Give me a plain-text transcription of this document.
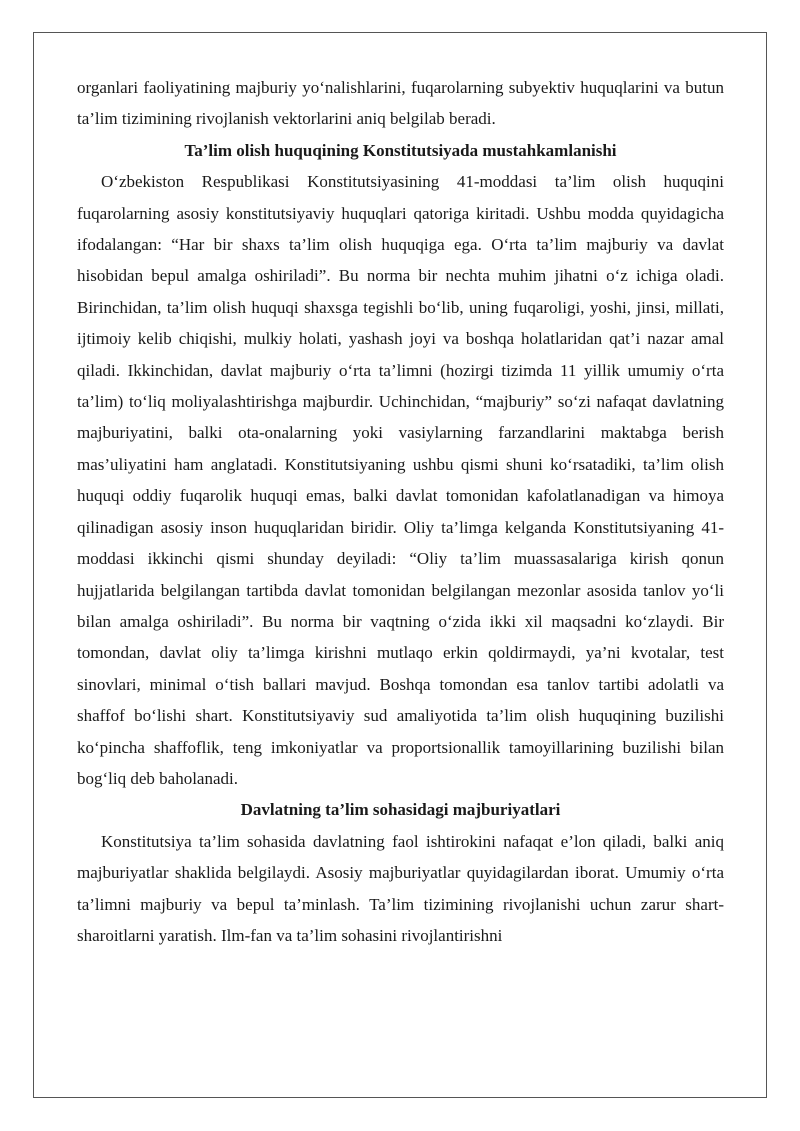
organlari faoliyatining majburiy yo‘nalishlarini, fuqarolarning subyektiv huquqlarini va butun ta’lim tizimining rivojlanish vektorlarini aniq belgilab beradi.

Ta’lim olish huquqining Konstitutsiyada mustahkamlanishi

O‘zbekiston Respublikasi Konstitutsiyasining 41-moddasi ta’lim olish huquqini fuqarolarning asosiy konstitutsiyaviy huquqlari qatoriga kiritadi. Ushbu modda quyidagicha ifodalangan: “Har bir shaxs ta’lim olish huquqiga ega. O‘rta ta’lim majburiy va davlat hisobidan bepul amalga oshiriladi”. Bu norma bir nechta muhim jihatni o‘z ichiga oladi. Birinchidan, ta’lim olish huquqi shaxsga tegishli bo‘lib, uning fuqaroligi, yoshi, jinsi, millati, ijtimoiy kelib chiqishi, mulkiy holati, yashash joyi va boshqa holatlaridan qat’i nazar amal qiladi. Ikkinchidan, davlat majburiy o‘rta ta’limni (hozirgi tizimda 11 yillik umumiy o‘rta ta’lim) to‘liq moliyalashtirishga majburdir. Uchinchidan, “majburiy” so‘zi nafaqat davlatning majburiyatini, balki ota-onalarning yoki vasiylarning farzandlarini maktabga berish mas’uliyatini ham anglatadi. Konstitutsiyaning ushbu qismi shuni ko‘rsatadiki, ta’lim olish huquqi oddiy fuqarolik huquqi emas, balki davlat tomonidan kafolatlanadigan va himoya qilinadigan asosiy inson huquqlaridan biridir. Oliy ta’limga kelganda Konstitutsiyaning 41-moddasi ikkinchi qismi shunday deyiladi: “Oliy ta’lim muassasalariga kirish qonun hujjatlarida belgilangan tartibda davlat tomonidan belgilangan mezonlar asosida tanlov yo‘li bilan amalga oshiriladi”. Bu norma bir vaqtning o‘zida ikki xil maqsadni ko‘zlaydi. Bir tomondan, davlat oliy ta’limga kirishni mutlaqo erkin qoldirmaydi, ya’ni kvotalar, test sinovlari, minimal o‘tish ballari mavjud. Boshqa tomondan esa tanlov tartibi adolatli va shaffof bo‘lishi shart. Konstitutsiyaviy sud amaliyotida ta’lim olish huquqining buzilishi ko‘pincha shaffoflik, teng imkoniyatlar va proportsionallik tamoyillarining buzilishi bilan bog‘liq deb baholanadi.

Davlatning ta’lim sohasidagi majburiyatlari

Konstitutsiya ta’lim sohasida davlatning faol ishtirokini nafaqat e’lon qiladi, balki aniq majburiyatlar shaklida belgilaydi. Asosiy majburiyatlar quyidagilardan iborat. Umumiy o‘rta ta’limni majburiy va bepul ta’minlash. Ta’lim tizimining rivojlanishi uchun zarur shart-sharoitlarni yaratish. Ilm-fan va ta’lim sohasini rivojlantirishni
